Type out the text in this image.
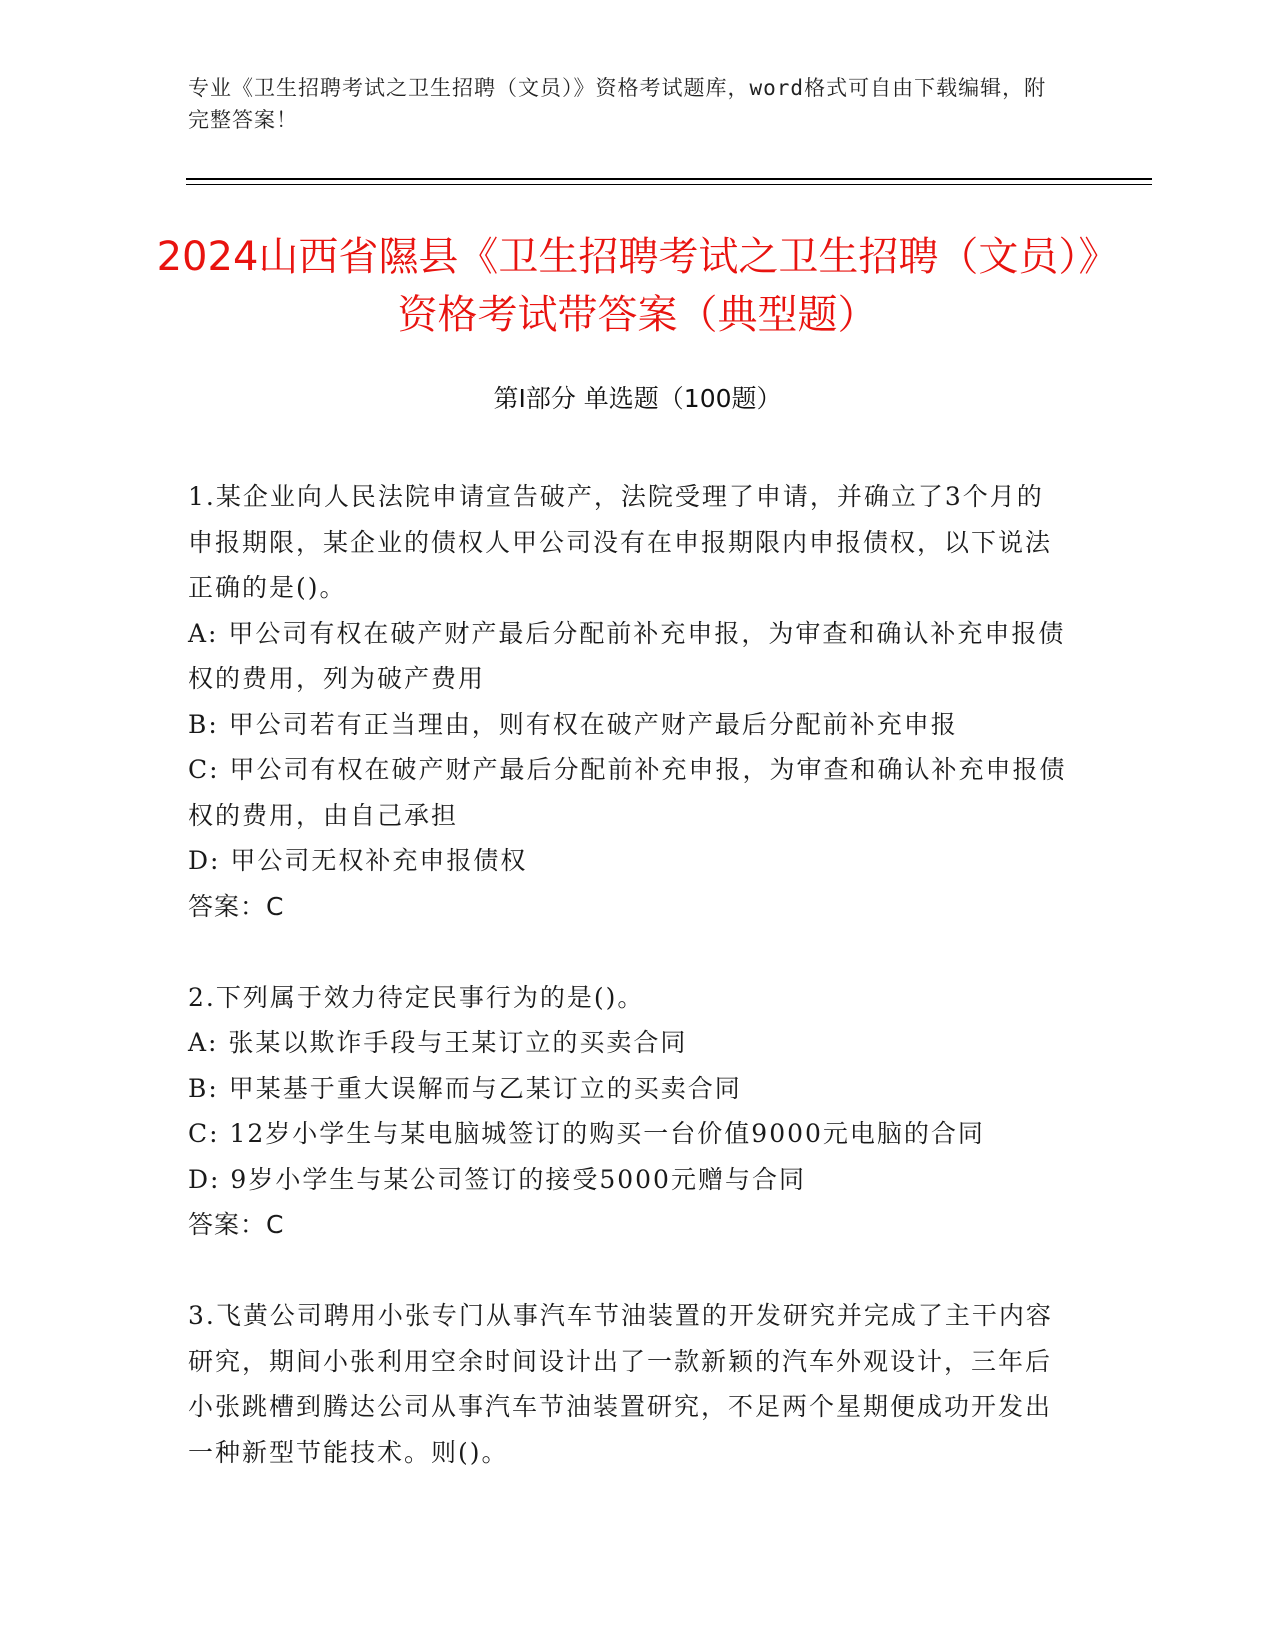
专业《卫生招聘考试之卫生招聘（文员）》资格考试题库，word格式可自由下载编辑，附完整答案！
2024山西省隰县《卫生招聘考试之卫生招聘（文员）》资格考试带答案（典型题）
第Ⅰ部分 单选题（100题）

1.某企业向人民法院申请宣告破产，法院受理了申请，并确立了3个月的申报期限，某企业的债权人甲公司没有在申报期限内申报债权，以下说法正确的是()。

A: 甲公司有权在破产财产最后分配前补充申报，为审查和确认补充申报债权的费用，列为破产费用

B: 甲公司若有正当理由，则有权在破产财产最后分配前补充申报

C: 甲公司有权在破产财产最后分配前补充申报，为审查和确认补充申报债权的费用，由自己承担

D: 甲公司无权补充申报债权

答案：C

2.下列属于效力待定民事行为的是()。

A: 张某以欺诈手段与王某订立的买卖合同

B: 甲某基于重大误解而与乙某订立的买卖合同

C: 12岁小学生与某电脑城签订的购买一台价值9000元电脑的合同

D: 9岁小学生与某公司签订的接受5000元赠与合同

答案：C

3.飞黄公司聘用小张专门从事汽车节油装置的开发研究并完成了主干内容研究，期间小张利用空余时间设计出了一款新颖的汽车外观设计，三年后小张跳槽到腾达公司从事汽车节油装置研究，不足两个星期便成功开发出一种新型节能技术。则()。
